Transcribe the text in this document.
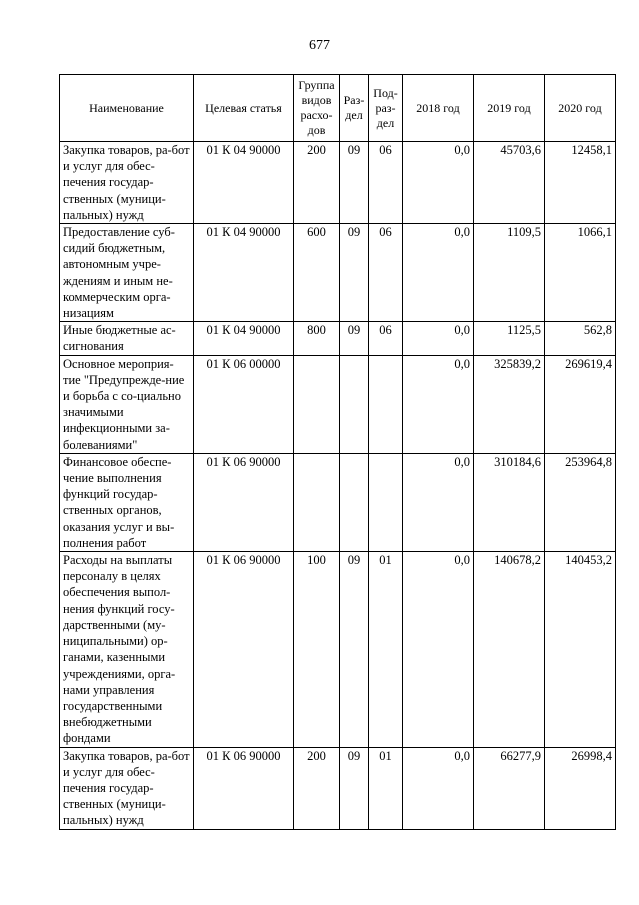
677
Наименование	Целевая статья	Группа видов расхо-дов	Раз-дел	Под-раз-дел	2018 год	2019 год	2020 год
Закупка товаров, ра-бот и услуг для обес-печения государ-ственных (муници-пальных) нужд	01 К 04 90000	200	09	06	0,0	45703,6	12458,1
Предоставление суб-сидий бюджетным, автономным учре-ждениям и иным не-коммерческим орга-низациям	01 К 04 90000	600	09	06	0,0	1109,5	1066,1
Иные бюджетные ас-сигнования	01 К 04 90000	800	09	06	0,0	1125,5	562,8
Основное мероприя-тие "Предупрежде-ние и борьба с со-циально значимыми инфекционными за-болеваниями"	01 К 06 00000				0,0	325839,2	269619,4
Финансовое обеспе-чение выполнения функций государ-ственных органов, оказания услуг и вы-полнения работ	01 К 06 90000				0,0	310184,6	253964,8
Расходы на выплаты персоналу в целях обеспечения выпол-нения функций госу-дарственными (му-ниципальными) ор-ганами, казенными учреждениями, орга-нами управления государственными внебюджетными фондами	01 К 06 90000	100	09	01	0,0	140678,2	140453,2
Закупка товаров, ра-бот и услуг для обес-печения государ-ственных (муници-пальных) нужд	01 К 06 90000	200	09	01	0,0	66277,9	26998,4
